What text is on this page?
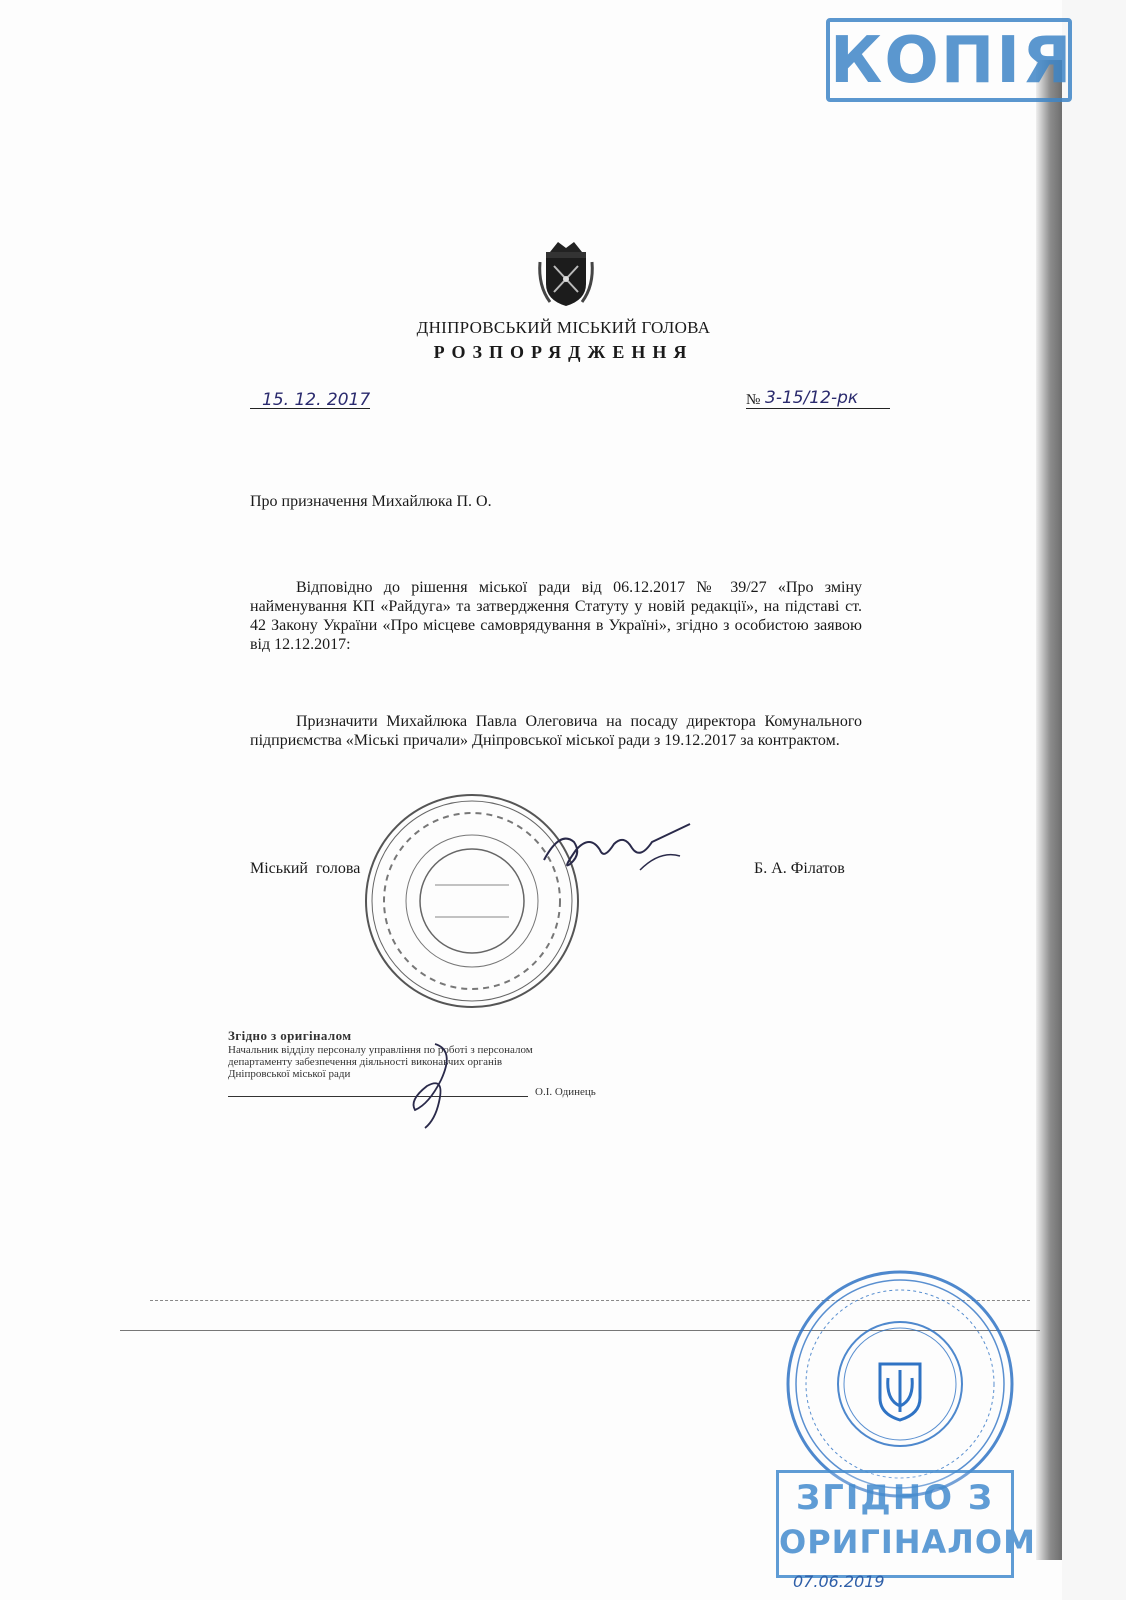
КОПІЯ
ДНІПРОВСЬКИЙ МІСЬКИЙ ГОЛОВА
РОЗПОРЯДЖЕННЯ
15. 12. 2017	№ 3-15/12-рк
Про призначення Михайлюка П. О.

Відповідно до рішення міської ради від 06.12.2017 № 39/27 «Про зміну найменування КП «Райдуга» та затвердження Статуту у новій редакції», на підставі ст. 42 Закону України «Про місцеве самоврядування в Україні», згідно з особистою заявою від 12.12.2017:

Призначити Михайлюка Павла Олеговича на посаду директора Комунального підприємства «Міські причали» Дніпровської міської ради з 19.12.2017 за контрактом.

Міський голова	Б. А. Філатов
Згідно з оригіналом
Начальник відділу персоналу управління по роботі з персоналом
департаменту забезпечення діяльності виконавчих органів
Дніпровської міської ради
О.І. Одинець
ЗГІДНО З
ОРИГІНАЛОМ
07.06.2019
